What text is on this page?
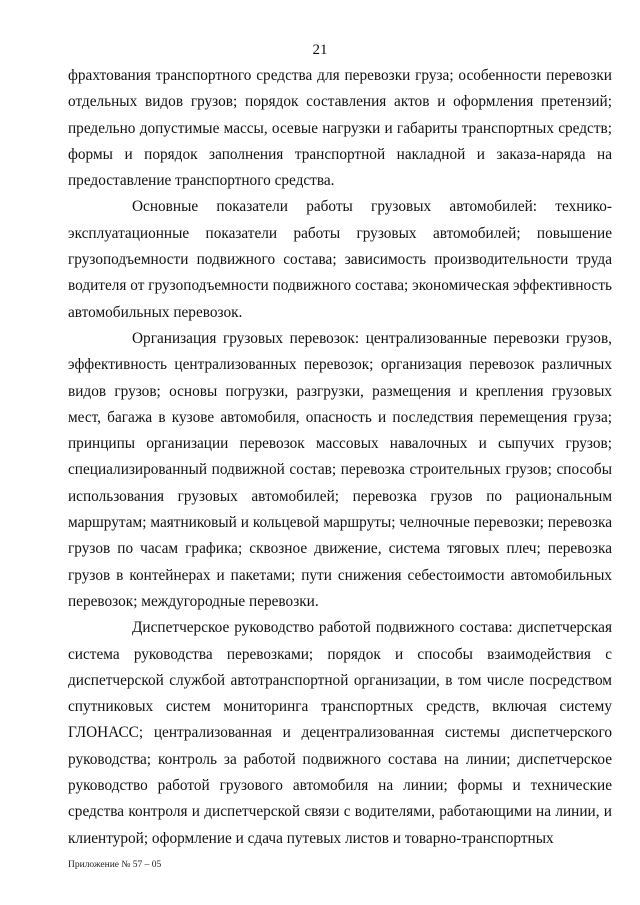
21

фрахтования транспортного средства для перевозки груза; особенности перевозки отдельных видов грузов; порядок составления актов и оформления претензий; предельно допустимые массы, осевые нагрузки и габариты транспортных средств; формы и порядок заполнения транспортной накладной и заказа-наряда на предоставление транспортного средства.

Основные показатели работы грузовых автомобилей: технико-эксплуатационные показатели работы грузовых автомобилей; повышение грузоподъемности подвижного состава; зависимость производительности труда водителя от грузоподъемности подвижного состава; экономическая эффективность автомобильных перевозок.

Организация грузовых перевозок: централизованные перевозки грузов, эффективность централизованных перевозок; организация перевозок различных видов грузов; основы погрузки, разгрузки, размещения и крепления грузовых мест, багажа в кузове автомобиля, опасность и последствия перемещения груза; принципы организации перевозок массовых навалочных и сыпучих грузов; специализированный подвижной состав; перевозка строительных грузов; способы использования грузовых автомобилей; перевозка грузов по рациональным маршрутам; маятниковый и кольцевой маршруты; челночные перевозки; перевозка грузов по часам графика; сквозное движение, система тяговых плеч; перевозка грузов в контейнерах и пакетами; пути снижения себестоимости автомобильных перевозок; междугородные перевозки.

Диспетчерское руководство работой подвижного состава: диспетчерская система руководства перевозками; порядок и способы взаимодействия с диспетчерской службой автотранспортной организации, в том числе посредством спутниковых систем мониторинга транспортных средств, включая систему ГЛОНАСС; централизованная и децентрализованная системы диспетчерского руководства; контроль за работой подвижного состава на линии; диспетчерское руководство работой грузового автомобиля на линии; формы и технические средства контроля и диспетчерской связи с водителями, работающими на линии, и клиентурой; оформление и сдача путевых листов и товарно-транспортных

Приложение № 57 – 05
